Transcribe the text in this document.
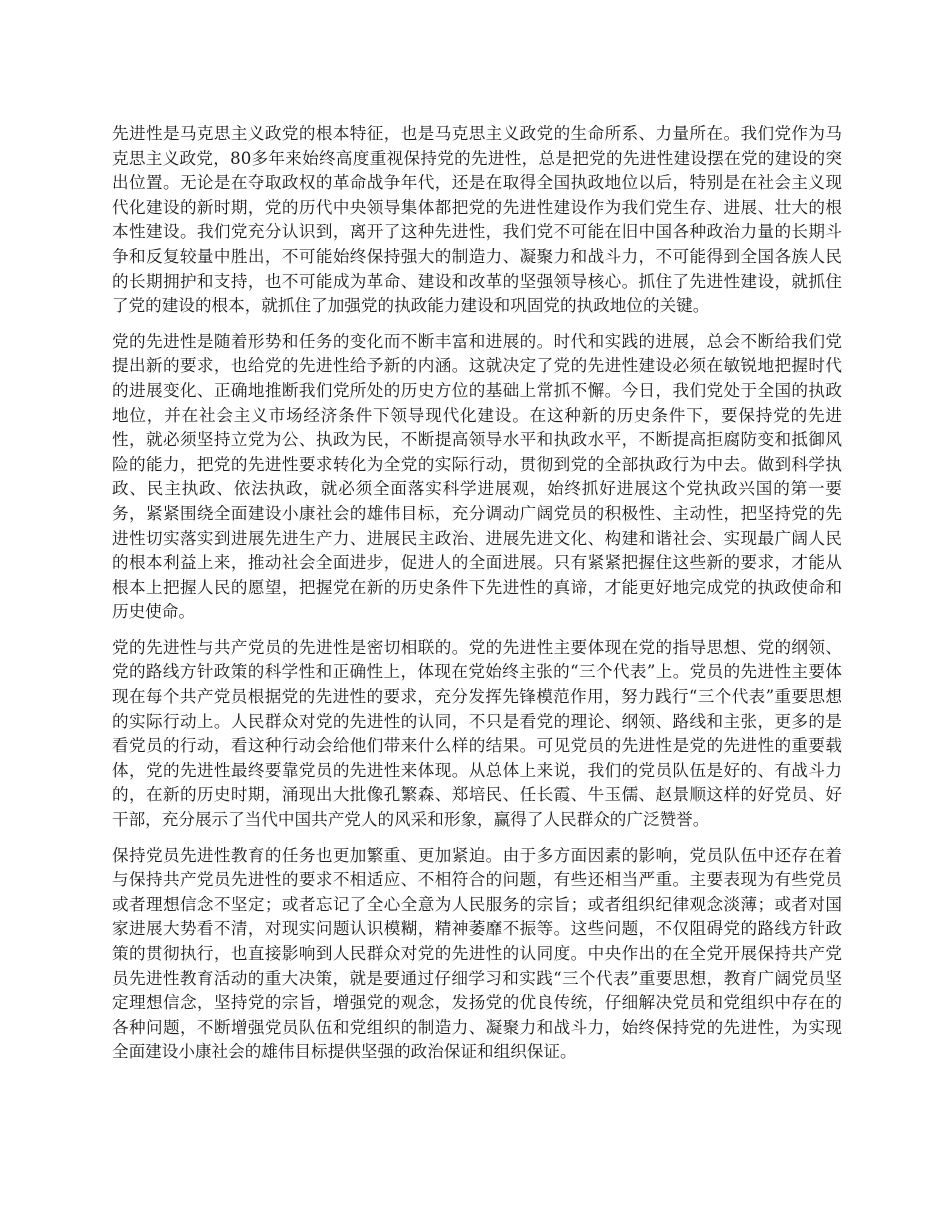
先进性是马克思主义政党的根本特征，也是马克思主义政党的生命所系、力量所在。我们党作为马克思主义政党，80多年来始终高度重视保持党的先进性，总是把党的先进性建设摆在党的建设的突出位置。无论是在夺取政权的革命战争年代，还是在取得全国执政地位以后，特别是在社会主义现代化建设的新时期，党的历代中央领导集体都把党的先进性建设作为我们党生存、进展、壮大的根本性建设。我们党充分认识到，离开了这种先进性，我们党不可能在旧中国各种政治力量的长期斗争和反复较量中胜出，不可能始终保持强大的制造力、凝聚力和战斗力，不可能得到全国各族人民的长期拥护和支持，也不可能成为革命、建设和改革的坚强领导核心。抓住了先进性建设，就抓住了党的建设的根本，就抓住了加强党的执政能力建设和巩固党的执政地位的关键。

党的先进性是随着形势和任务的变化而不断丰富和进展的。时代和实践的进展，总会不断给我们党提出新的要求，也给党的先进性给予新的内涵。这就决定了党的先进性建设必须在敏锐地把握时代的进展变化、正确地推断我们党所处的历史方位的基础上常抓不懈。今日，我们党处于全国的执政地位，并在社会主义市场经济条件下领导现代化建设。在这种新的历史条件下，要保持党的先进性，就必须坚持立党为公、执政为民，不断提高领导水平和执政水平，不断提高拒腐防变和抵御风险的能力，把党的先进性要求转化为全党的实际行动，贯彻到党的全部执政行为中去。做到科学执政、民主执政、依法执政，就必须全面落实科学进展观，始终抓好进展这个党执政兴国的第一要务，紧紧围绕全面建设小康社会的雄伟目标，充分调动广阔党员的积极性、主动性，把坚持党的先进性切实落实到进展先进生产力、进展民主政治、进展先进文化、构建和谐社会、实现最广阔人民的根本利益上来，推动社会全面进步，促进人的全面进展。只有紧紧把握住这些新的要求，才能从根本上把握人民的愿望，把握党在新的历史条件下先进性的真谛，才能更好地完成党的执政使命和历史使命。

党的先进性与共产党员的先进性是密切相联的。党的先进性主要体现在党的指导思想、党的纲领、党的路线方针政策的科学性和正确性上，体现在党始终主张的“三个代表”上。党员的先进性主要体现在每个共产党员根据党的先进性的要求，充分发挥先锋模范作用，努力践行“三个代表”重要思想的实际行动上。人民群众对党的先进性的认同，不只是看党的理论、纲领、路线和主张，更多的是看党员的行动，看这种行动会给他们带来什么样的结果。可见党员的先进性是党的先进性的重要载体，党的先进性最终要靠党员的先进性来体现。从总体上来说，我们的党员队伍是好的、有战斗力的，在新的历史时期，涌现出大批像孔繁森、郑培民、任长霞、牛玉儒、赵景顺这样的好党员、好干部，充分展示了当代中国共产党人的风采和形象，赢得了人民群众的广泛赞誉。

保持党员先进性教育的任务也更加繁重、更加紧迫。由于多方面因素的影响，党员队伍中还存在着与保持共产党员先进性的要求不相适应、不相符合的问题，有些还相当严重。主要表现为有些党员或者理想信念不坚定；或者忘记了全心全意为人民服务的宗旨；或者组织纪律观念淡薄；或者对国家进展大势看不清，对现实问题认识模糊，精神萎靡不振等。这些问题，不仅阻碍党的路线方针政策的贯彻执行，也直接影响到人民群众对党的先进性的认同度。中央作出的在全党开展保持共产党员先进性教育活动的重大决策，就是要通过仔细学习和实践“三个代表”重要思想，教育广阔党员坚定理想信念，坚持党的宗旨，增强党的观念，发扬党的优良传统，仔细解决党员和党组织中存在的各种问题，不断增强党员队伍和党组织的制造力、凝聚力和战斗力，始终保持党的先进性，为实现全面建设小康社会的雄伟目标提供坚强的政治保证和组织保证。
